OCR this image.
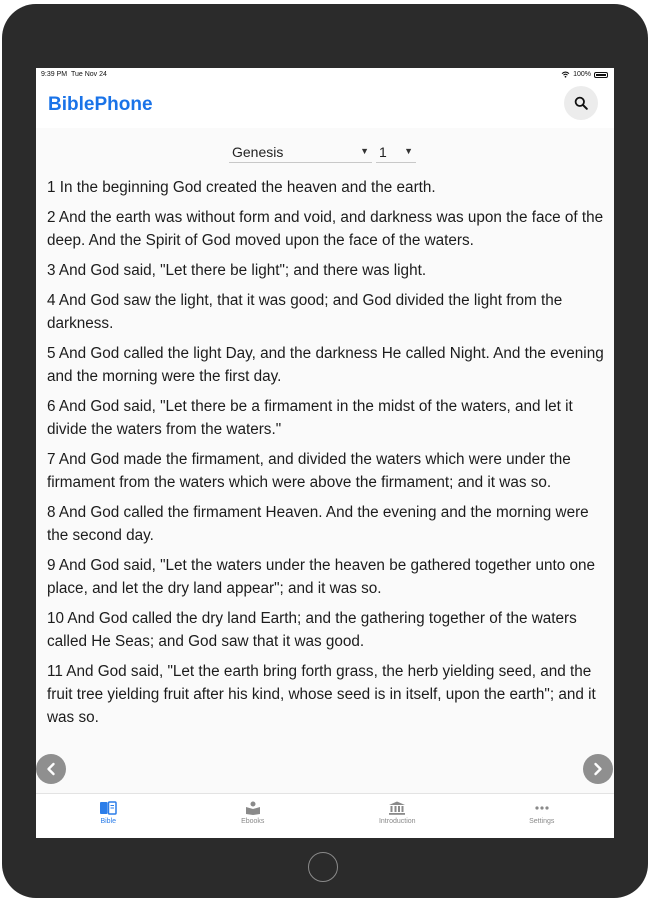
9:39 PM Tue Nov 24	100%
BiblePhone
Genesis	▼ 1 ▼

1 In the beginning God created the heaven and the earth.

2 And the earth was without form and void, and darkness was upon the face of the deep. And the Spirit of God moved upon the face of the waters.

3 And God said, "Let there be light"; and there was light.

4 And God saw the light, that it was good; and God divided the light from the darkness.

5 And God called the light Day, and the darkness He called Night. And the evening and the morning were the first day.

6 And God said, "Let there be a firmament in the midst of the waters, and let it divide the waters from the waters."

7 And God made the firmament, and divided the waters which were under the firmament from the waters which were above the firmament; and it was so.

8 And God called the firmament Heaven. And the evening and the morning were the second day.

9 And God said, "Let the waters under the heaven be gathered together unto one place, and let the dry land appear"; and it was so.

10 And God called the dry land Earth; and the gathering together of the waters called He Seas; and God saw that it was good.

11 And God said, "Let the earth bring forth grass, the herb yielding seed, and the fruit tree yielding fruit after his kind, whose seed is in itself, upon the earth"; and it was so.

Bible	Ebooks	Introduction	Settings
